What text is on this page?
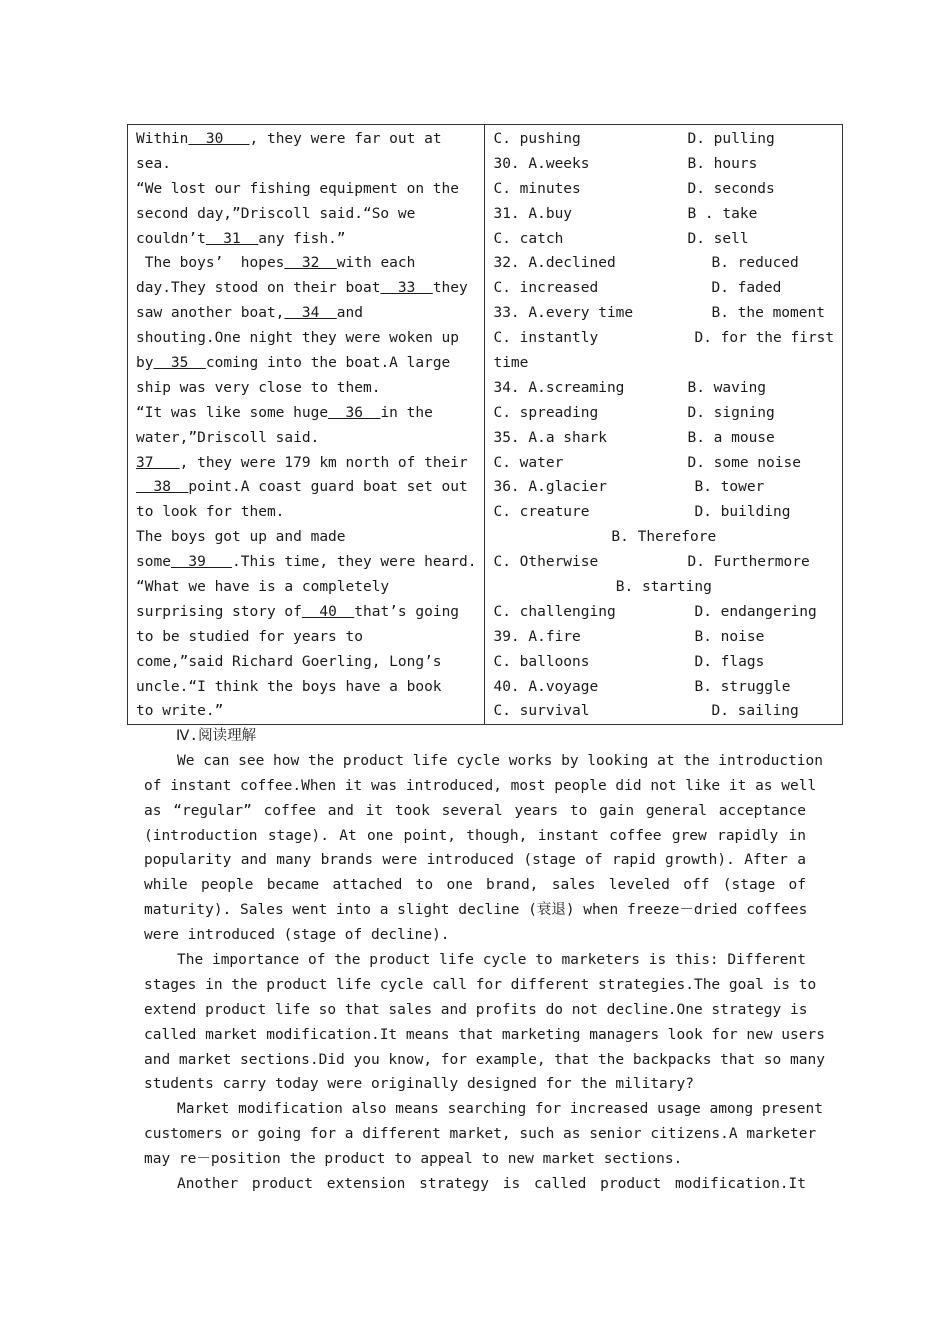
Within  30   , they were far out at
sea.
“We lost our fishing equipment on the
second day,”Driscoll said.“So we
couldn’t  31  any fish.”
The boys’  hopes  32  with each
day.They stood on their boat  33  they
saw another boat,  34  and
shouting.One night they were woken up
by  35  coming into the boat.A large
ship was very close to them.
“It was like some huge  36  in the
water,”Driscoll said.
37   , they were 179 km north of their
38  point.A coast guard boat set out
to look for them.
The boys got up and made
some  39   .This time, they were heard.
“What we have is a completely
surprising story of  40  that’s going
to be studied for years to
come,”said Richard Goerling, Long’s
uncle.“I think the boys have a book
to write.”

C. pushing	D. pulling
30. A.weeks	B. hours
C. minutes	D. seconds
31. A.buy	B . take
C. catch	D. sell
32. A.declined	B. reduced
C. increased	D. faded
33. A.every time	B. the moment
C. instantly	D. for the first
time
34. A.screaming	B. waving
C. spreading	D. signing
35. A.a shark	B. a mouse
C. water	D. some noise
36. A.glacier	B. tower
C. creature	D. building
B. Therefore
C. Otherwise	D. Furthermore
B. starting
C. challenging	D. endangering
39. A.fire	B. noise
C. balloons	D. flags
40. A.voyage	B. struggle
C. survival	D. sailing
Ⅳ.阅读理解
We can see how the product life cycle works by looking at the introduction
of instant coffee.When it was introduced, most people did not like it as well
as “regular” coffee and it took several years to gain general acceptance
(introduction stage). At one point, though, instant coffee grew rapidly in
popularity and many brands were introduced (stage of rapid growth). After a
while people became attached to one brand, sales leveled off (stage of
maturity). Sales went into a slight decline (衰退) when freeze－dried coffees
were introduced (stage of decline).
The importance of the product life cycle to marketers is this: Different
stages in the product life cycle call for different strategies.The goal is to
extend product life so that sales and profits do not decline.One strategy is
called market modification.It means that marketing managers look for new users
and market sections.Did you know, for example, that the backpacks that so many
students carry today were originally designed for the military?
Market modification also means searching for increased usage among present
customers or going for a different market, such as senior citizens.A marketer
may re－position the product to appeal to new market sections.
Another product extension strategy is called product modification.It
